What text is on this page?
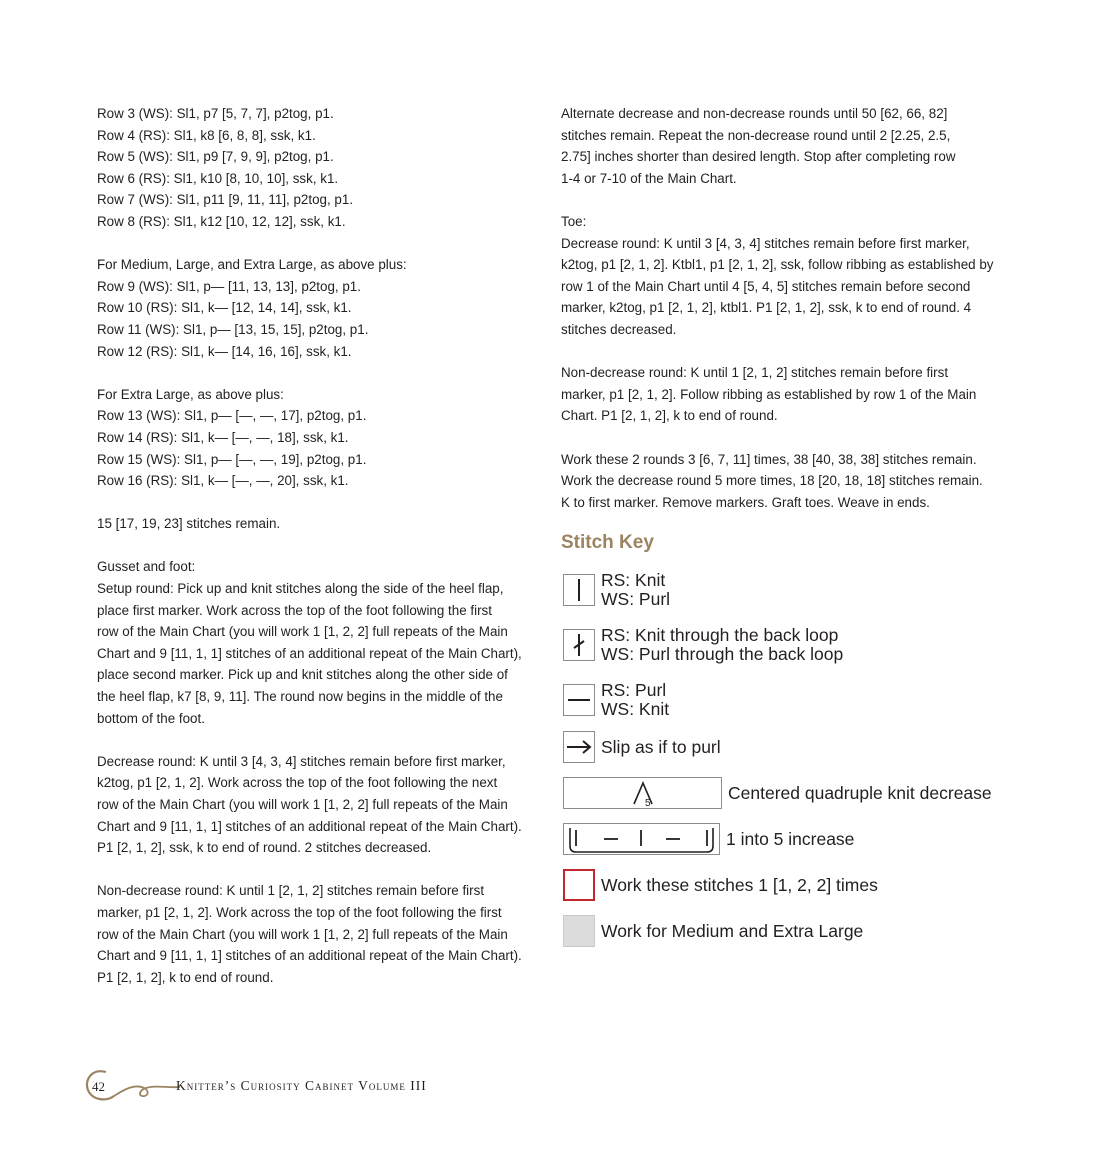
Row 3 (WS): Sl1, p7 [5, 7, 7], p2tog, p1.
Row 4 (RS): Sl1, k8 [6, 8, 8], ssk, k1.
Row 5 (WS): Sl1, p9 [7, 9, 9], p2tog, p1.
Row 6 (RS): Sl1, k10 [8, 10, 10], ssk, k1.
Row 7 (WS): Sl1, p11 [9, 11, 11], p2tog, p1.
Row 8 (RS): Sl1, k12 [10, 12, 12], ssk, k1.
For Medium, Large, and Extra Large, as above plus:
Row 9 (WS): Sl1, p— [11, 13, 13], p2tog, p1.
Row 10 (RS): Sl1, k— [12, 14, 14], ssk, k1.
Row 11 (WS): Sl1, p— [13, 15, 15], p2tog, p1.
Row 12 (RS): Sl1, k— [14, 16, 16], ssk, k1.
For Extra Large, as above plus:
Row 13 (WS): Sl1, p— [—, —, 17], p2tog, p1.
Row 14 (RS): Sl1, k— [—, —, 18], ssk, k1.
Row 15 (WS): Sl1, p— [—, —, 19], p2tog, p1.
Row 16 (RS): Sl1, k— [—, —, 20], ssk, k1.
15 [17, 19, 23] stitches remain.
Gusset and foot:
Setup round: Pick up and knit stitches along the side of the heel flap,
place first marker. Work across the top of the foot following the first
row of the Main Chart (you will work 1 [1, 2, 2] full repeats of the Main
Chart and 9 [11, 1, 1] stitches of an additional repeat of the Main Chart),
place second marker. Pick up and knit stitches along the other side of
the heel flap, k7 [8, 9, 11]. The round now begins in the middle of the
bottom of the foot.
Decrease round: K until 3 [4, 3, 4] stitches remain before first marker,
k2tog, p1 [2, 1, 2]. Work across the top of the foot following the next
row of the Main Chart (you will work 1 [1, 2, 2] full repeats of the Main
Chart and 9 [11, 1, 1] stitches of an additional repeat of the Main Chart).
P1 [2, 1, 2], ssk, k to end of round. 2 stitches decreased.
Non-decrease round: K until 1 [2, 1, 2] stitches remain before first
marker, p1 [2, 1, 2]. Work across the top of the foot following the first
row of the Main Chart (you will work 1 [1, 2, 2] full repeats of the Main
Chart and 9 [11, 1, 1] stitches of an additional repeat of the Main Chart).
P1 [2, 1, 2], k to end of round.
Alternate decrease and non-decrease rounds until 50 [62, 66, 82]
stitches remain. Repeat the non-decrease round until 2 [2.25, 2.5,
2.75] inches shorter than desired length. Stop after completing row
1-4 or 7-10 of the Main Chart.
Toe:
Decrease round: K until 3 [4, 3, 4] stitches remain before first marker,
k2tog, p1 [2, 1, 2]. Ktbl1, p1 [2, 1, 2], ssk, follow ribbing as established by
row 1 of the Main Chart until 4 [5, 4, 5] stitches remain before second
marker, k2tog, p1 [2, 1, 2], ktbl1. P1 [2, 1, 2], ssk, k to end of round. 4
stitches decreased.
Non-decrease round: K until 1 [2, 1, 2] stitches remain before first
marker, p1 [2, 1, 2]. Follow ribbing as established by row 1 of the Main
Chart. P1 [2, 1, 2], k to end of round.
Work these 2 rounds 3 [6, 7, 11] times, 38 [40, 38, 38] stitches remain.
Work the decrease round 5 more times, 18 [20, 18, 18] stitches remain.
K to first marker. Remove markers. Graft toes. Weave in ends.
Stitch Key
RS: Knit
WS: Purl
RS: Knit through the back loop
WS: Purl through the back loop
RS: Purl
WS: Knit
Slip as if to purl
5
Centered quadruple knit decrease
1 into 5 increase
Work these stitches 1 [1, 2, 2] times
Work for Medium and Extra Large
42	Knitter’s Curiosity Cabinet Volume III
